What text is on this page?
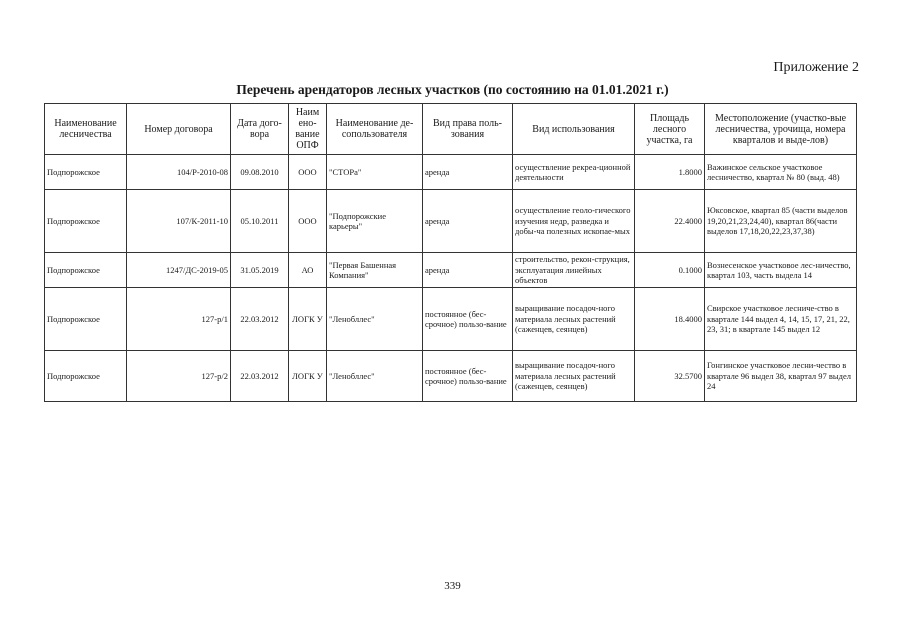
Приложение 2
Перечень арендаторов лесных участков (по состоянию на 01.01.2021 г.)
Наименование лесничества	Номер договора	Дата дого-вора	Наим ено-вание ОПФ	Наименование де-сопользователя	Вид права поль-зования	Вид использования	Площадь лесного участка, га	Местоположение (участко-вые лесничества, урочища, номера кварталов и выде-лов)
Подпорожское	104/Р-2010-08	09.08.2010	ООО	"СТОРа"	аренда	осуществление рекреа-ционной деятельности	1.8000	Важинское сельское участковое лесничество, квартал № 80 (выд. 48)
Подпорожское	107/К-2011-10	05.10.2011	ООО	"Подпорожские карьеры"	аренда	осуществление геоло-гического изучения недр, разведка и добы-ча полезных ископае-мых	22.4000	Юксовское, квартал 85 (части выделов 19,20,21,23,24,40), квартал 86(части выделов 17,18,20,22,23,37,38)
Подпорожское	1247/ДС-2019-05	31.05.2019	АО	"Первая Башенная Компания"	аренда	строительство, рекон-струкция, эксплуатация линейных объектов	0.1000	Вознесенское участковое лес-ничество, квартал 103, часть выдела 14
Подпорожское	127-р/1	22.03.2012	ЛОГК У	"Ленобллес"	постоянное (бес-срочное) пользо-вание	выращивание посадоч-ного материала лесных растений (саженцев, сеянцев)	18.4000	Свирское участковое лесниче-ство в квартале 144 выдел 4, 14, 15, 17, 21, 22, 23, 31; в квартале 145 выдел 12
Подпорожское	127-р/2	22.03.2012	ЛОГК У	"Ленобллес"	постоянное (бес-срочное) пользо-вание	выращивание посадоч-ного материала лесных растений (саженцев, сеянцев)	32.5700	Гонгинское участковое лесни-чество в квартале 96 выдел 38, квартал 97 выдел 24
339
